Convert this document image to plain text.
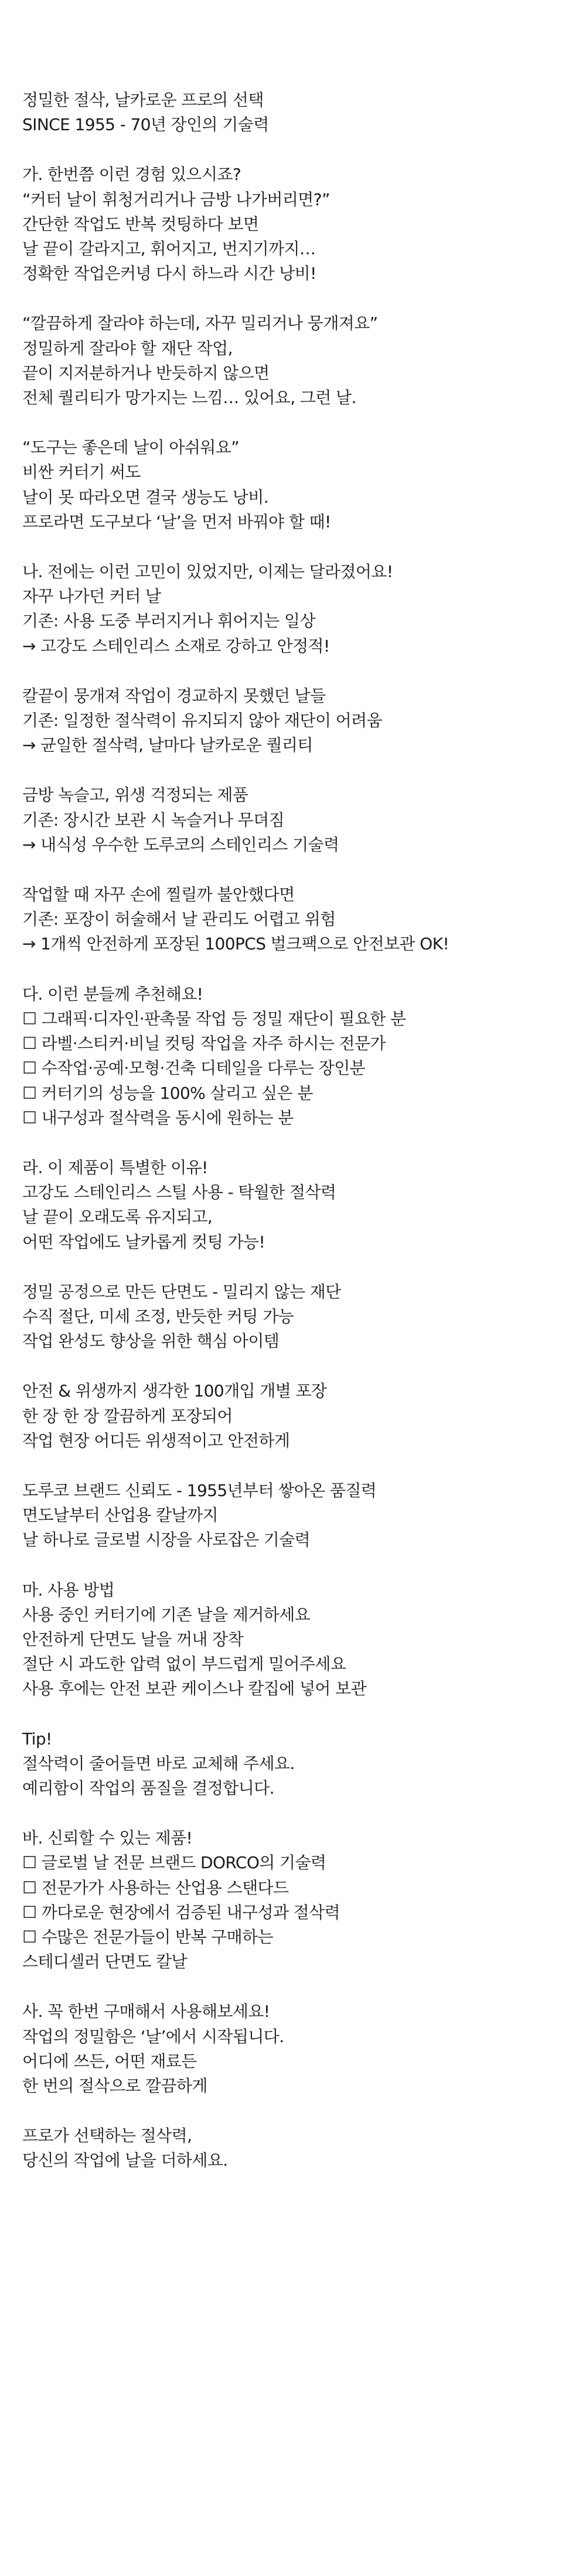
정밀한 절삭, 날카로운 프로의 선택
SINCE 1955 - 70년 장인의 기술력
가. 한번쯤 이런 경험 있으시죠?
“커터 날이 휘청거리거나 금방 나가버리면?”
간단한 작업도 반복 컷팅하다 보면
날 끝이 갈라지고, 휘어지고, 번지기까지…
정확한 작업은커녕 다시 하느라 시간 낭비!
“깔끔하게 잘라야 하는데, 자꾸 밀리거나 뭉개져요”
정밀하게 잘라야 할 재단 작업,
끝이 지저분하거나 반듯하지 않으면
전체 퀄리티가 망가지는 느낌… 있어요, 그런 날.
“도구는 좋은데 날이 아쉬워요”
비싼 커터기 써도
날이 못 따라오면 결국 생능도 낭비.
프로라면 도구보다 ‘날’을 먼저 바꿔야 할 때!
나. 전에는 이런 고민이 있었지만, 이제는 달라졌어요!
자꾸 나가던 커터 날
기존: 사용 도중 부러지거나 휘어지는 일상
→ 고강도 스테인리스 소재로 강하고 안정적!
칼끝이 뭉개져 작업이 경교하지 못했던 날들
기존: 일정한 절삭력이 유지되지 않아 재단이 어려움
→ 균일한 절삭력, 날마다 날카로운 퀄리티
금방 녹슬고, 위생 걱정되는 제품
기존: 장시간 보관 시 녹슬거나 무뎌짐
→ 내식성 우수한 도루코의 스테인리스 기술력
작업할 때 자꾸 손에 찔릴까 불안했다면
기존: 포장이 허술해서 날 관리도 어렵고 위험
→ 1개씩 안전하게 포장된 100PCS 벌크팩으로 안전보관 OK!
다. 이런 분들께 추천해요!
☐ 그래픽·디자인·판촉물 작업 등 정밀 재단이 필요한 분
☐ 라벨·스티커·비닐 컷팅 작업을 자주 하시는 전문가
☐ 수작업·공예·모형·건축 디테일을 다루는 장인분
☐ 커터기의 성능을 100% 살리고 싶은 분
☐ 내구성과 절삭력을 동시에 원하는 분
라. 이 제품이 특별한 이유!
고강도 스테인리스 스틸 사용 - 탁월한 절삭력
날 끝이 오래도록 유지되고,
어떤 작업에도 날카롭게 컷팅 가능!
정밀 공정으로 만든 단면도 - 밀리지 않는 재단
수직 절단, 미세 조정, 반듯한 커팅 가능
작업 완성도 향상을 위한 핵심 아이템
안전 & 위생까지 생각한 100개입 개별 포장
한 장 한 장 깔끔하게 포장되어
작업 현장 어디든 위생적이고 안전하게
도루코 브랜드 신뢰도 - 1955년부터 쌓아온 품질력
면도날부터 산업용 칼날까지
날 하나로 글로벌 시장을 사로잡은 기술력
마. 사용 방법
사용 중인 커터기에 기존 날을 제거하세요
안전하게 단면도 날을 꺼내 장착
절단 시 과도한 압력 없이 부드럽게 밀어주세요
사용 후에는 안전 보관 케이스나 칼집에 넣어 보관
Tip!
절삭력이 줄어들면 바로 교체해 주세요.
예리함이 작업의 품질을 결정합니다.
바. 신뢰할 수 있는 제품!
☐ 글로벌 날 전문 브랜드 DORCO의 기술력
☐ 전문가가 사용하는 산업용 스탠다드
☐ 까다로운 현장에서 검증된 내구성과 절삭력
☐ 수많은 전문가들이 반복 구매하는
스테디셀러 단면도 칼날
사. 꼭 한번 구매해서 사용해보세요!
작업의 정밀함은 ‘날’에서 시작됩니다.
어디에 쓰든, 어떤 재료든
한 번의 절삭으로 깔끔하게
프로가 선택하는 절삭력,
당신의 작업에 날을 더하세요.
